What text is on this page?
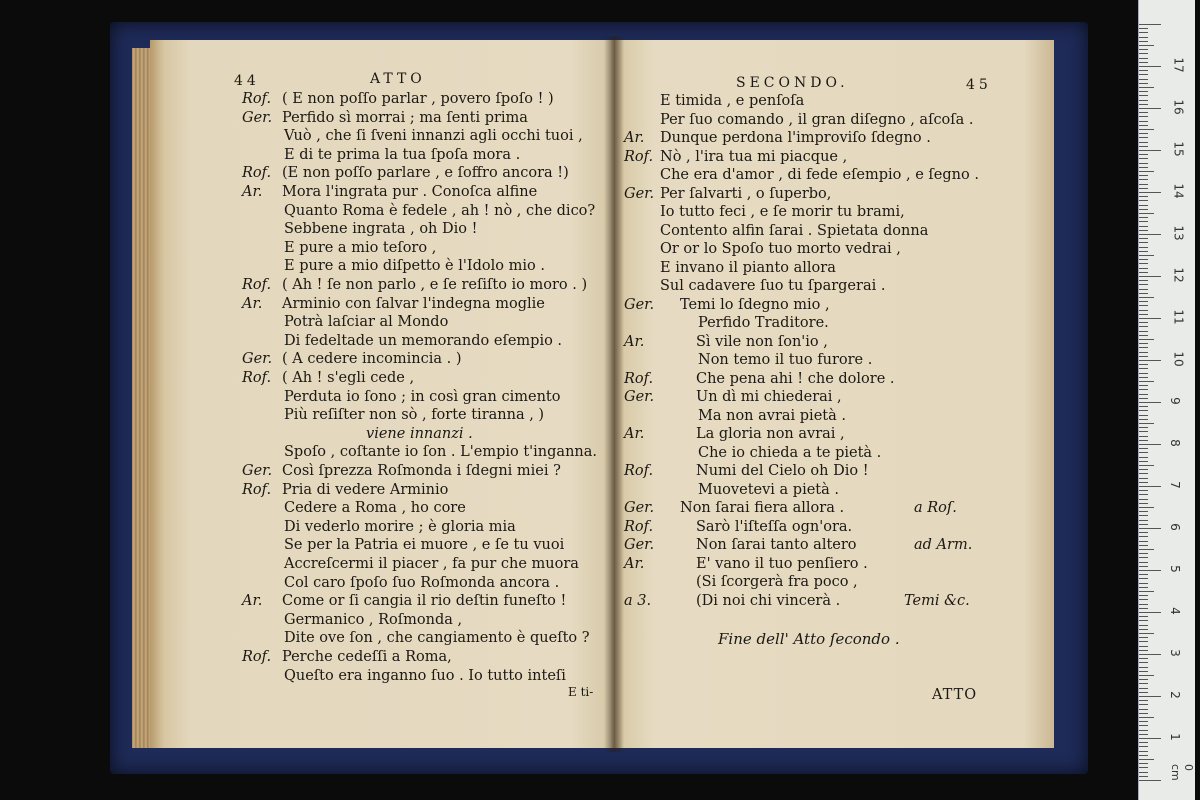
44	ATTO
Rof. ( E non poſſo parlar , povero ſpoſo ! )
Ger. Perfido sì morrai ; ma ſenti prima
Vuò , che ſi ſveni innanzi agli occhi tuoi ,
E di te prima la tua ſpoſa mora .
Rof. (E non poſſo parlare , e ſoffro ancora !)
Ar. Mora l'ingrata pur . Conoſca alfine
Quanto Roma è fedele , ah ! nò , che dico?
Sebbene ingrata , oh Dio !
E pure a mio teſoro ,
E pure a mio diſpetto è l'Idolo mio .
Rof. ( Ah ! ſe non parlo , e ſe reſiſto io moro . )
Ar. Arminio con ſalvar l'indegna moglie
Potrà laſciar al Mondo
Di fedeltade un memorando eſempio .
Ger. ( A cedere incomincia . )
Rof. ( Ah ! s'egli cede ,
Perduta io ſono ; in così gran cimento
Più reſiſter non sò , forte tiranna , )
viene innanzi .
Spoſo , coſtante io ſon . L'empio t'inganna.
Ger. Così ſprezza Roſmonda i ſdegni miei ?
Rof. Pria di vedere Arminio
Cedere a Roma , ho core
Di vederlo morire ; è gloria mia
Se per la Patria ei muore , e ſe tu vuoi
Accreſcermi il piacer , fa pur che muora
Col caro ſpoſo ſuo Roſmonda ancora .
Ar. Come or ſi cangia il rio deſtin funeſto !
Germanico , Roſmonda ,
Dite ove ſon , che cangiamento è queſto ?
Rof. Perche cedeſſi a Roma,
Queſto era inganno ſuo . Io tutto inteſi
E ti-
SECONDO.	45
Fine dell' Atto ſecondo .
ATTO
E timida , e penſoſa
Per ſuo comando , il gran diſegno , aſcoſa .
Ar. Dunque perdona l'improviſo ſdegno .
Rof. Nò , l'ira tua mi piacque ,
Che era d'amor , di fede eſempio , e ſegno .
Ger. Per ſalvarti , o ſuperbo,
Io tutto feci , e ſe morir tu brami,
Contento alfin ſarai . Spietata donna
Or or lo Spoſo tuo morto vedrai ,
E invano il pianto allora
Sul cadavere ſuo tu ſpargerai .
Ger. Temi lo ſdegno mio ,
Perfido Traditore.
Ar.	Sì vile non ſon'io ,
Non temo il tuo furore .
Rof.	Che pena ahi ! che dolore .
Ger.	Un dì mi chiederai ,
Ma non avrai pietà .
Ar.	La gloria non avrai ,
Che io chieda a te pietà .
Rof.	Numi del Cielo oh Dio !
Muovetevi a pietà .
Ger. Non ſarai fiera allora .	a Roſ.
Rof.	Sarò l'iſteſſa ogn'ora.
Ger.	Non ſarai tanto altero	ad Arm.
Ar.	E' vano il tuo penſiero .
(Si ſcorgerà fra poco ,
a 3.	(Di noi chi vincerà .	Temi &c.
0 cm
1
2
3
4
5
6
7
8
9
10
11
12
13
14
15
16
17
